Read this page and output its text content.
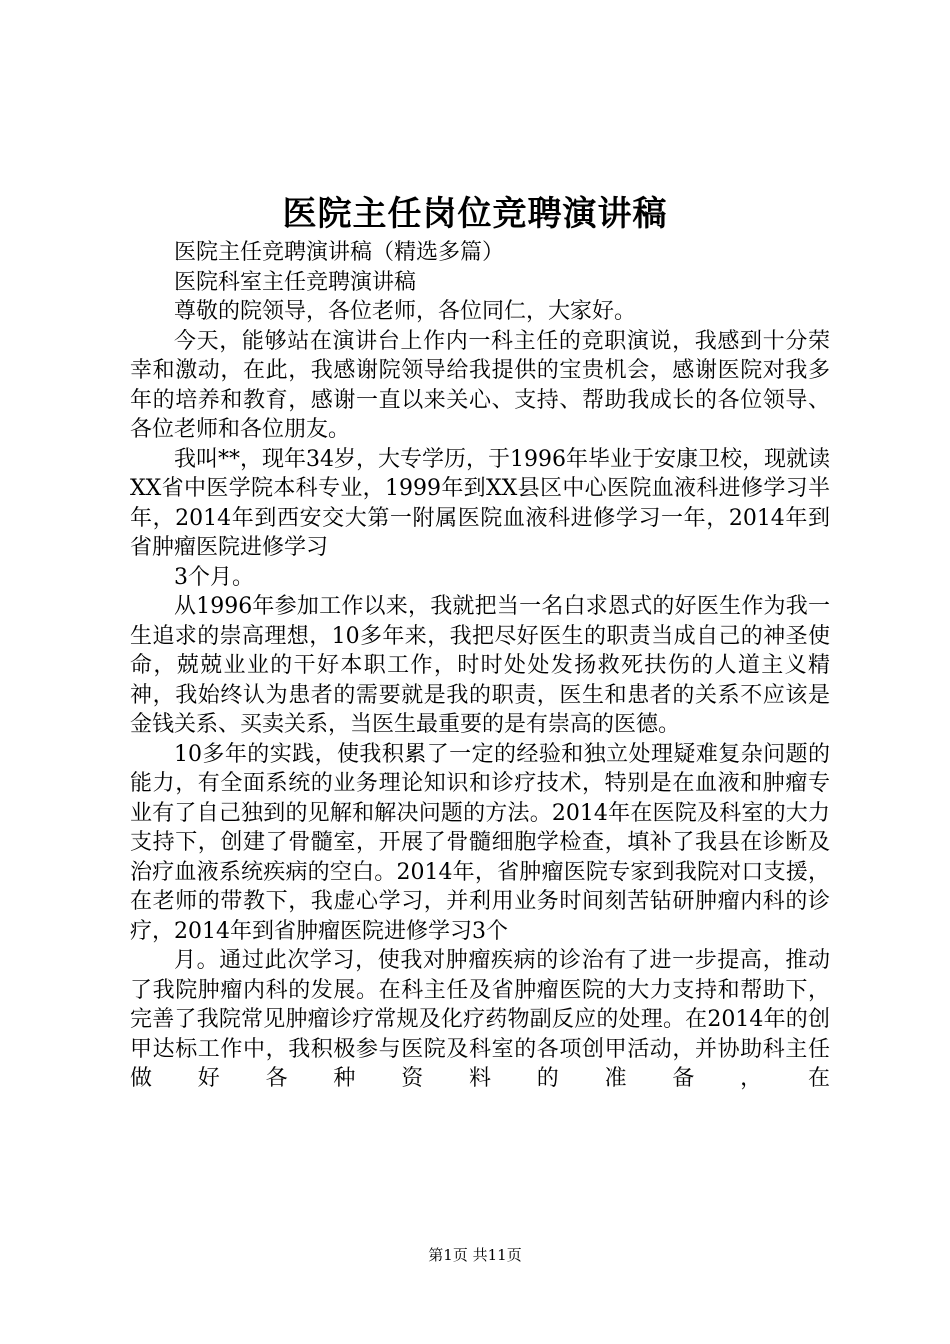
医院主任岗位竞聘演讲稿

医院主任竞聘演讲稿（精选多篇）

医院科室主任竞聘演讲稿

尊敬的院领导，各位老师，各位同仁，大家好。

今天，能够站在演讲台上作内一科主任的竞职演说，我感到十分荣幸和激动，在此，我感谢院领导给我提供的宝贵机会，感谢医院对我多年的培养和教育，感谢一直以来关心、支持、帮助我成长的各位领导、各位老师和各位朋友。

我叫**，现年34岁，大专学历，于1996年毕业于安康卫校，现就读XX省中医学院本科专业，1999年到XX县区中心医院血液科进修学习半年，2014年到西安交大第一附属医院血液科进修学习一年，2014年到省肿瘤医院进修学习

3个月。

从1996年参加工作以来，我就把当一名白求恩式的好医生作为我一生追求的崇高理想，10多年来，我把尽好医生的职责当成自己的神圣使命，兢兢业业的干好本职工作，时时处处发扬救死扶伤的人道主义精神，我始终认为患者的需要就是我的职责，医生和患者的关系不应该是金钱关系、买卖关系，当医生最重要的是有崇高的医德。

10多年的实践，使我积累了一定的经验和独立处理疑难复杂问题的能力，有全面系统的业务理论知识和诊疗技术，特别是在血液和肿瘤专业有了自己独到的见解和解决问题的方法。2014年在医院及科室的大力支持下，创建了骨髓室，开展了骨髓细胞学检查，填补了我县在诊断及治疗血液系统疾病的空白。2014年，省肿瘤医院专家到我院对口支援，在老师的带教下，我虚心学习，并利用业务时间刻苦钻研肿瘤内科的诊疗，2014年到省肿瘤医院进修学习3个

月。通过此次学习，使我对肿瘤疾病的诊治有了进一步提高，推动了我院肿瘤内科的发展。在科主任及省肿瘤医院的大力支持和帮助下，完善了我院常见肿瘤诊疗常规及化疗药物副反应的处理。在2014年的创甲达标工作中，我积极参与医院及科室的各项创甲活动，并协助科主任做好各种资料的准备，在

第1页 共11页
